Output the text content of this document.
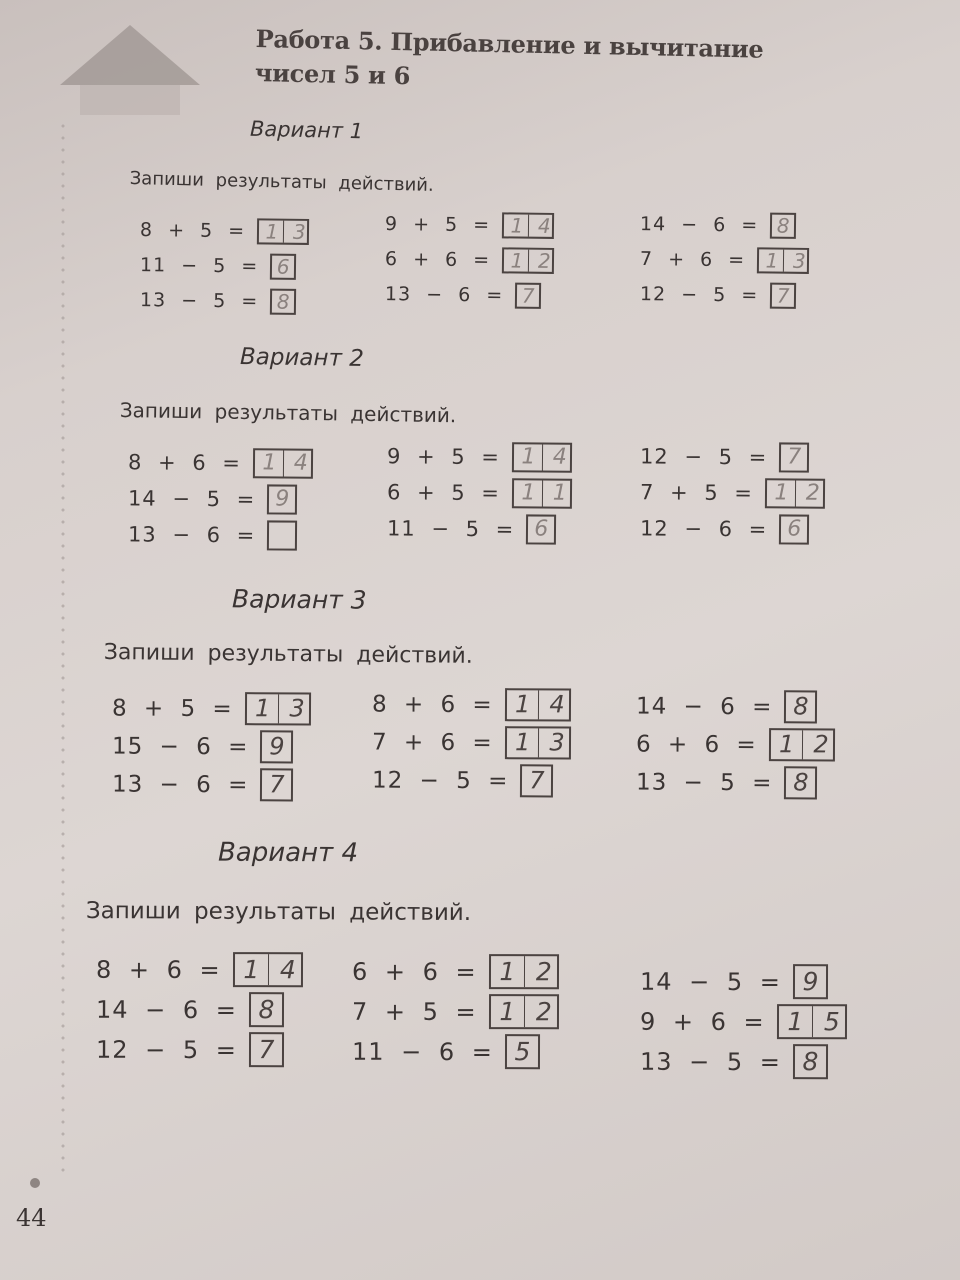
Работа 5. Прибавление и вычитание
чисел 5 и 6
Вариант 1
Запиши результаты действий.
8 + 5 =	13
11 − 5 = 6
13 − 5 = 8
9 + 5 =	14
6 + 6 =	12
13 − 6 = 7
14 − 6 = 8
7 + 6 =	13
12 − 5 = 7
Вариант 2
Запиши результаты действий.
8 + 6 = 14
14 − 5 = 9
13 − 6 =
9 + 5 = 14
6 + 5 = 11
11 − 5 = 6
12 − 5 = 7
7 + 5 = 12
12 − 6 = 6
Вариант 3
Запиши результаты действий.
8 + 5 = 13
15 − 6 = 9
13 − 6 = 7
8 + 6 = 14
7 + 6 = 13
12 − 5 = 7
14 − 6 = 8
6 + 6 = 12
13 − 5 = 8
Вариант 4
Запиши результаты действий.
8 + 6 = 14
14 − 6 = 8
12 − 5 = 7
6 + 6 = 12
7 + 5 = 12
11 − 6 = 5
14 − 5 = 9
9 + 6 = 15
13 − 5 = 8
44
